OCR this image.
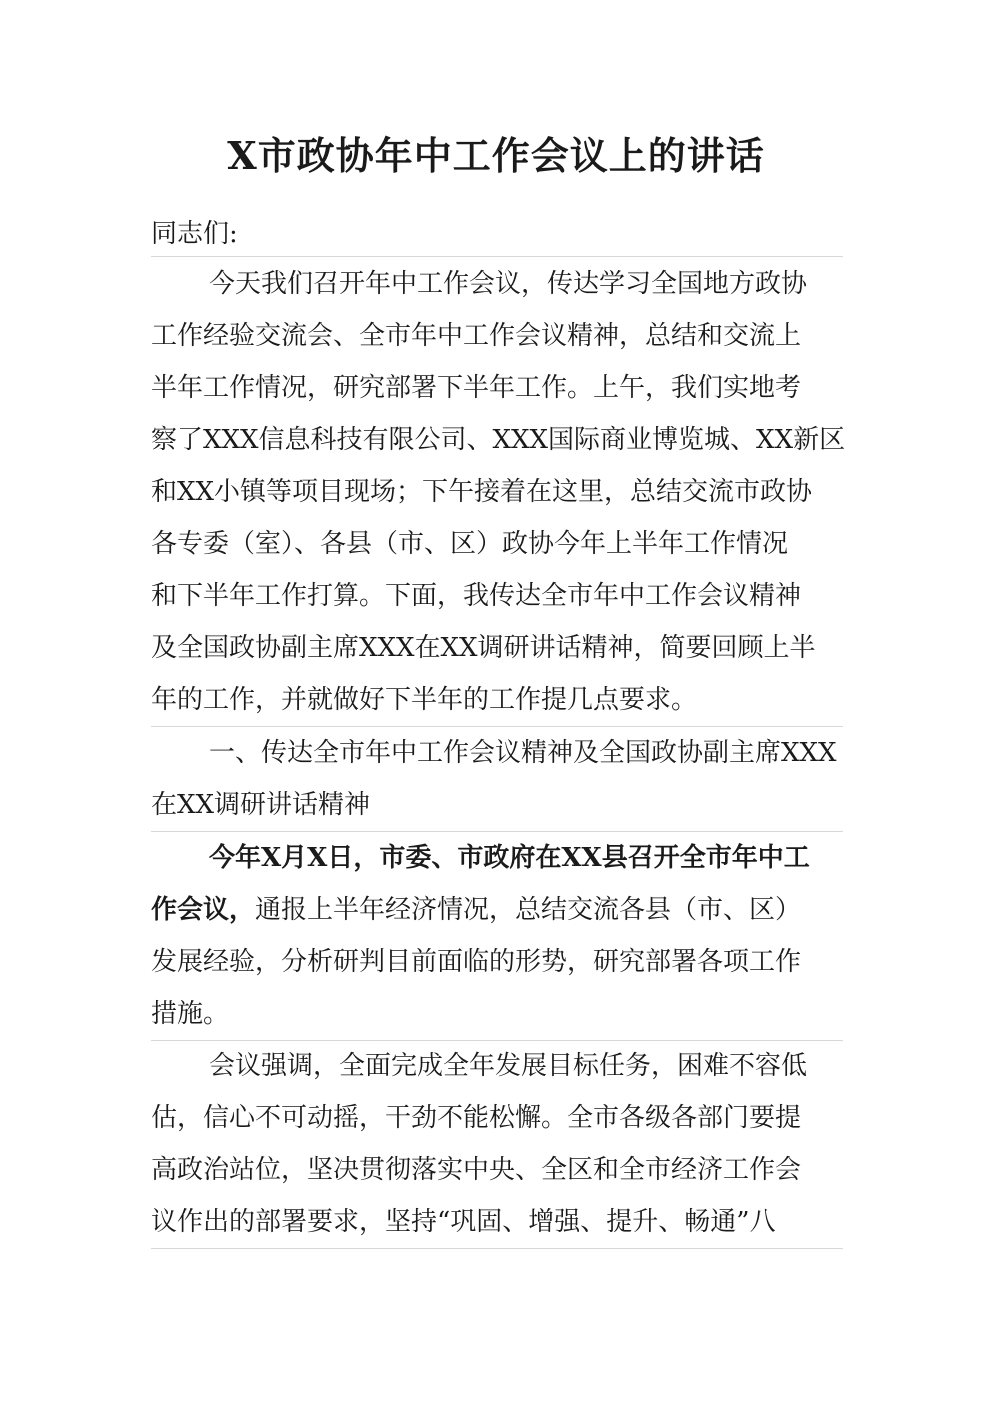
X市政协年中工作会议上的讲话

同志们:

今天我们召开年中工作会议，传达学习全国地方政协
工作经验交流会、全市年中工作会议精神，总结和交流上
半年工作情况，研究部署下半年工作。上午，我们实地考
察了XXX信息科技有限公司、XXX国际商业博览城、XX新区
和XX小镇等项目现场；下午接着在这里，总结交流市政协
各专委（室）、各县（市、区）政协今年上半年工作情况
和下半年工作打算。下面，我传达全市年中工作会议精神
及全国政协副主席XXX在XX调研讲话精神，简要回顾上半
年的工作，并就做好下半年的工作提几点要求。
一、传达全市年中工作会议精神及全国政协副主席XXX
在XX调研讲话精神
今年X月X日，市委、市政府在XX县召开全市年中工
作会议，通报上半年经济情况，总结交流各县（市、区）
发展经验，分析研判目前面临的形势，研究部署各项工作
措施。
会议强调，全面完成全年发展目标任务，困难不容低
估，信心不可动摇，干劲不能松懈。全市各级各部门要提
高政治站位，坚决贯彻落实中央、全区和全市经济工作会
议作出的部署要求，坚持“巩固、增强、提升、畅通”八
